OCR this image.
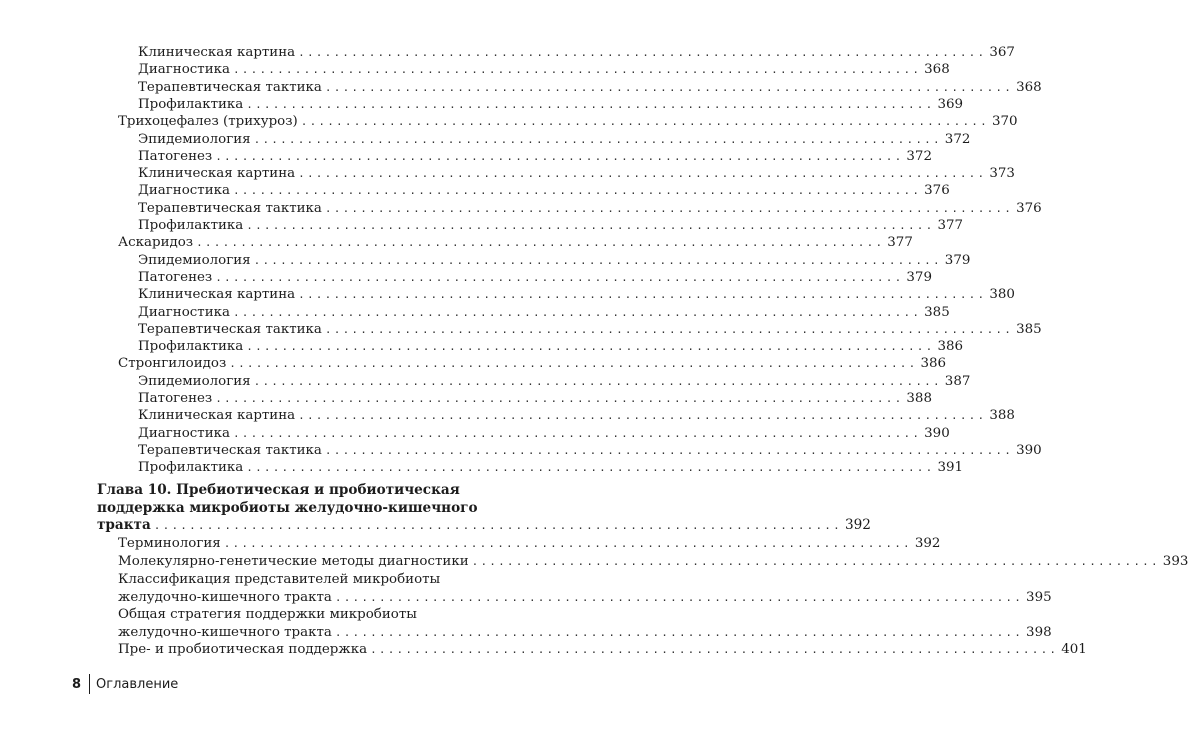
Клиническая картина .............................................................................. 367
Диагностика .............................................................................. 368
Терапевтическая тактика .............................................................................. 368
Профилактика .............................................................................. 369
Трихоцефалез (трихуроз) .............................................................................. 370
Эпидемиология .............................................................................. 372
Патогенез .............................................................................. 372
Клиническая картина .............................................................................. 373
Диагностика .............................................................................. 376
Терапевтическая тактика .............................................................................. 376
Профилактика .............................................................................. 377
Аскаридоз .............................................................................. 377
Эпидемиология .............................................................................. 379
Патогенез .............................................................................. 379
Клиническая картина .............................................................................. 380
Диагностика .............................................................................. 385
Терапевтическая тактика .............................................................................. 385
Профилактика .............................................................................. 386
Стронгилоидоз .............................................................................. 386
Эпидемиология .............................................................................. 387
Патогенез .............................................................................. 388
Клиническая картина .............................................................................. 388
Диагностика .............................................................................. 390
Терапевтическая тактика .............................................................................. 390
Профилактика .............................................................................. 391
Глава 10. Пребиотическая и пробиотическая
поддержка микробиоты желудочно-кишечного
тракта .............................................................................. 392
Терминология .............................................................................. 392
Молекулярно-генетические методы диагностики .............................................................................. 393
Классификация представителей микробиоты
желудочно-кишечного тракта .............................................................................. 395
Общая стратегия поддержки микробиоты
желудочно-кишечного тракта .............................................................................. 398
Пре- и пробиотическая поддержка .............................................................................. 401
8 Оглавление
